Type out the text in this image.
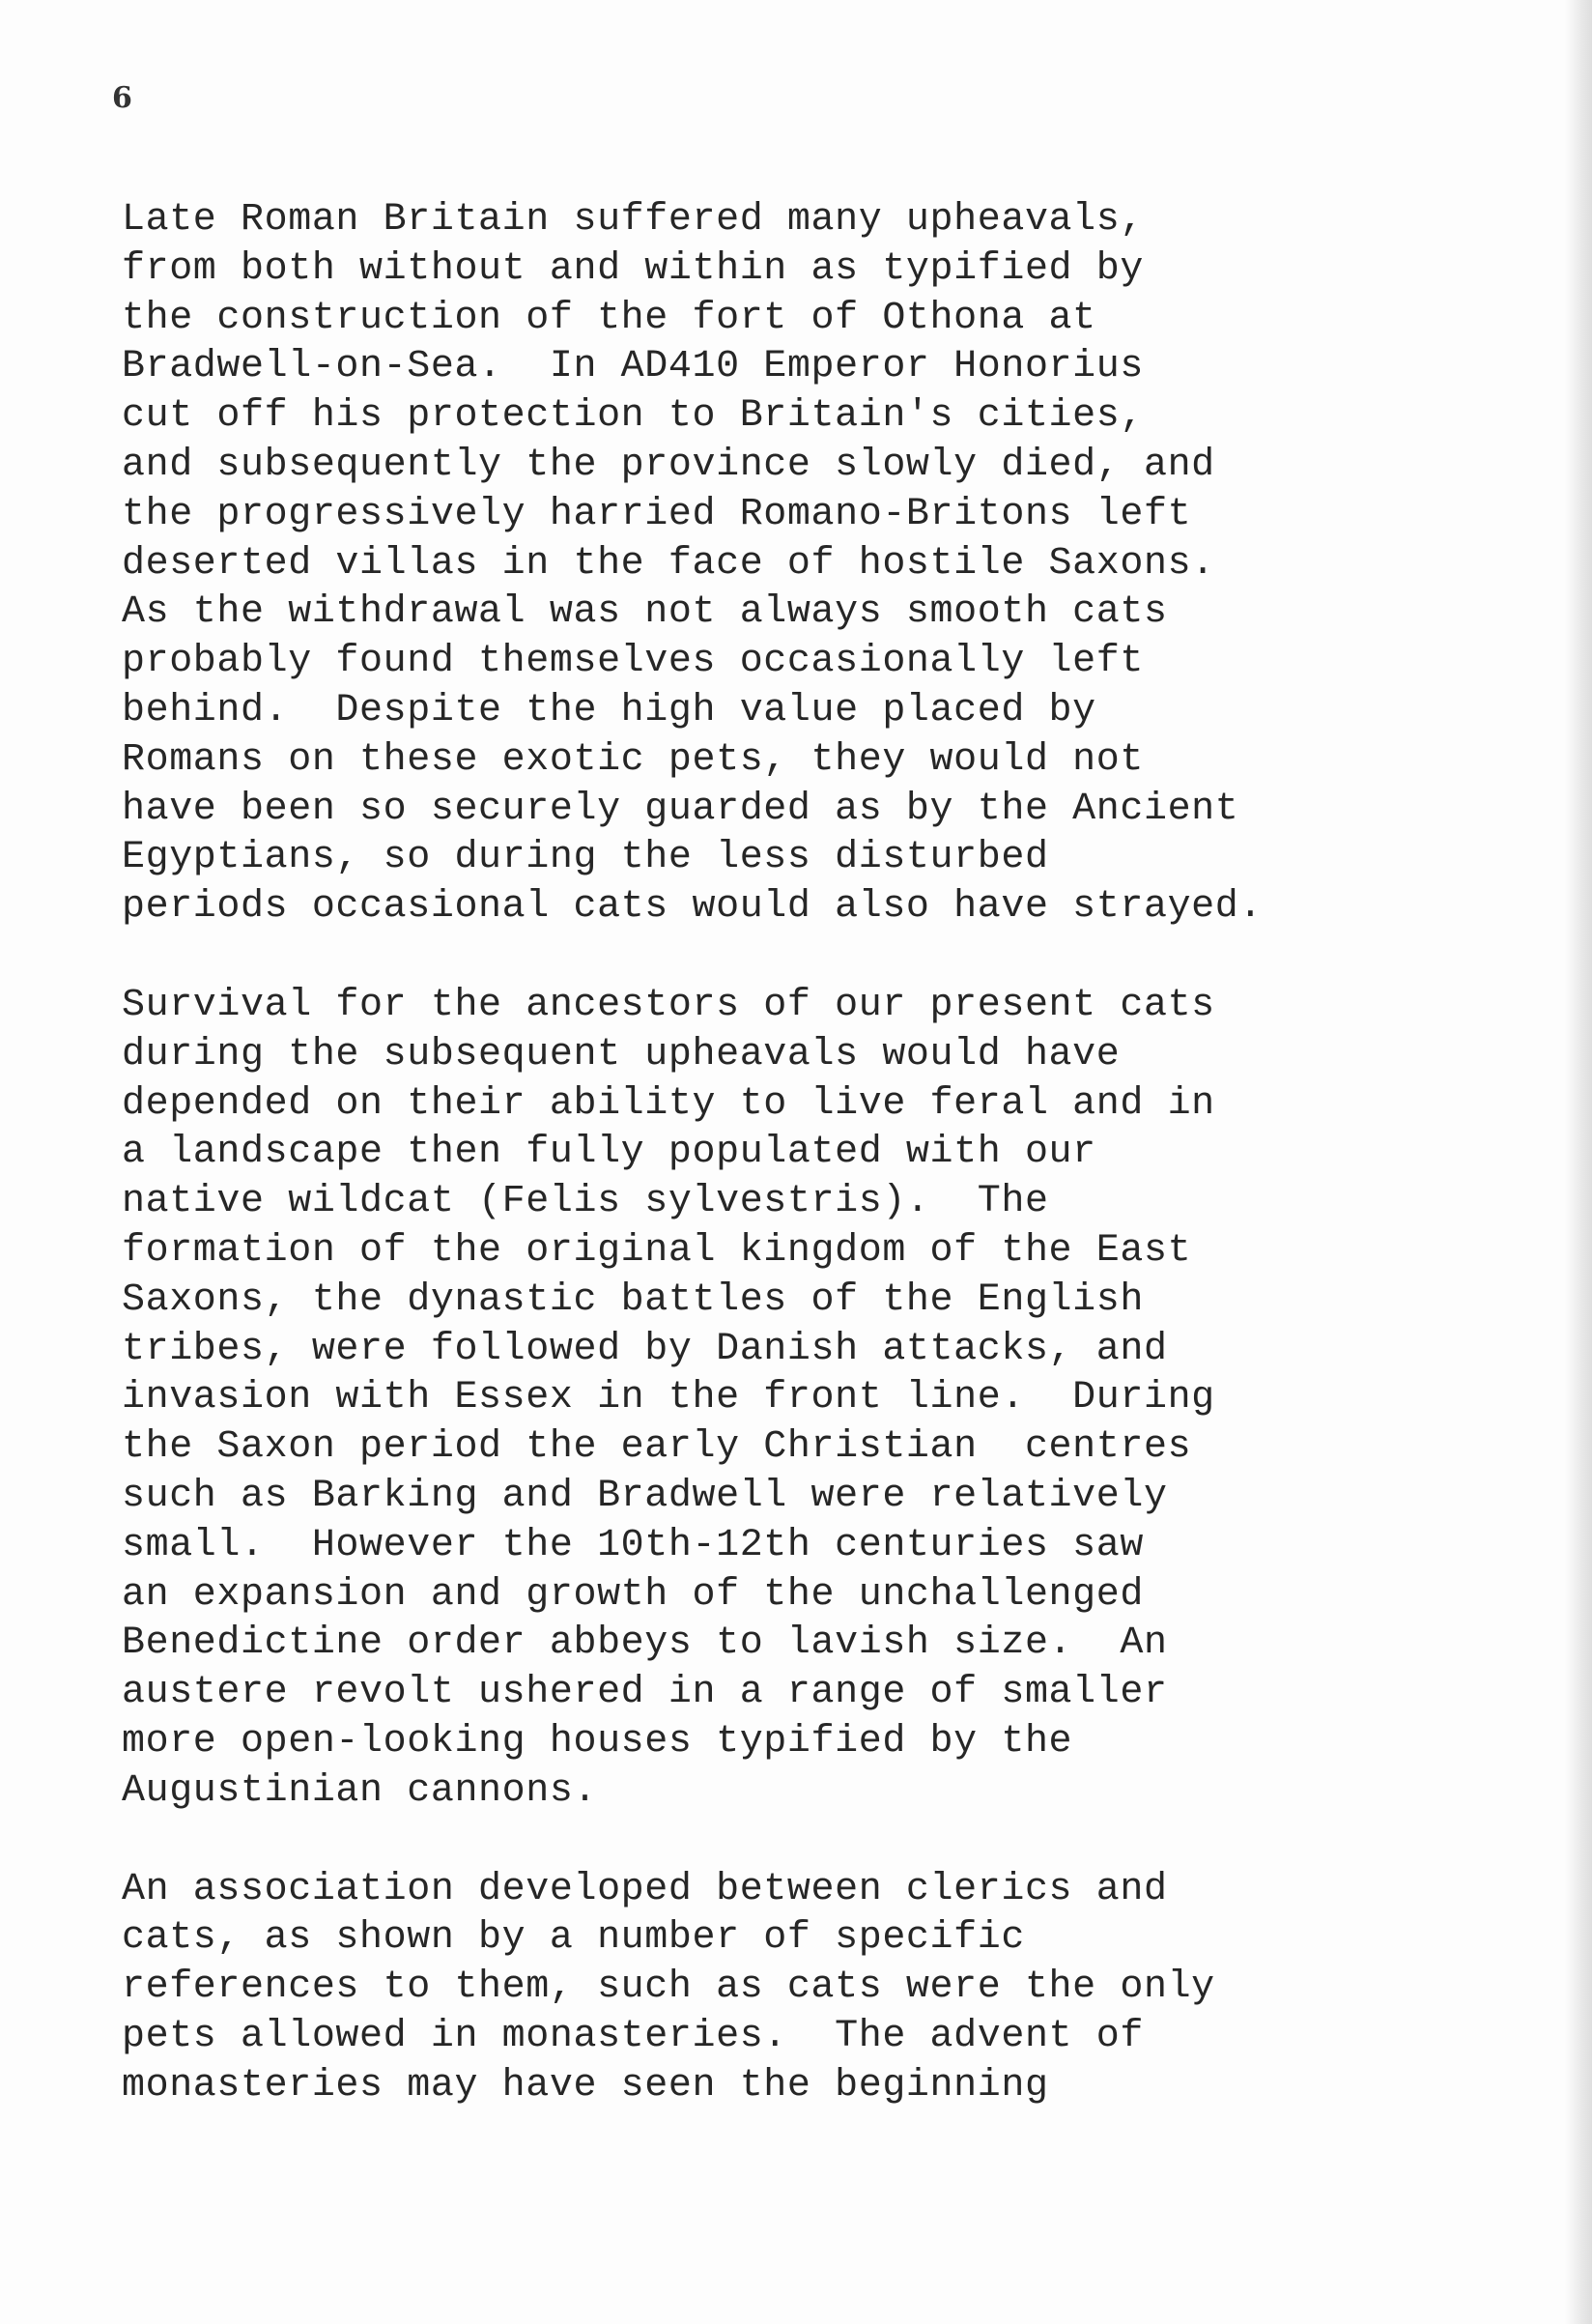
6

Late Roman Britain suffered many upheavals,
from both without and within as typified by
the construction of the fort of Othona at
Bradwell-on-Sea.  In AD410 Emperor Honorius
cut off his protection to Britain's cities,
and subsequently the province slowly died, and
the progressively harried Romano-Britons left
deserted villas in the face of hostile Saxons.
As the withdrawal was not always smooth cats
probably found themselves occasionally left
behind.  Despite the high value placed by
Romans on these exotic pets, they would not
have been so securely guarded as by the Ancient
Egyptians, so during the less disturbed
periods occasional cats would also have strayed.

Survival for the ancestors of our present cats
during the subsequent upheavals would have
depended on their ability to live feral and in
a landscape then fully populated with our
native wildcat (Felis sylvestris).  The
formation of the original kingdom of the East
Saxons, the dynastic battles of the English
tribes, were followed by Danish attacks, and
invasion with Essex in the front line.  During
the Saxon period the early Christian  centres
such as Barking and Bradwell were relatively
small.  However the 10th-12th centuries saw
an expansion and growth of the unchallenged
Benedictine order abbeys to lavish size.  An
austere revolt ushered in a range of smaller
more open-looking houses typified by the
Augustinian cannons.

An association developed between clerics and
cats, as shown by a number of specific
references to them, such as cats were the only
pets allowed in monasteries.  The advent of
monasteries may have seen the beginning
